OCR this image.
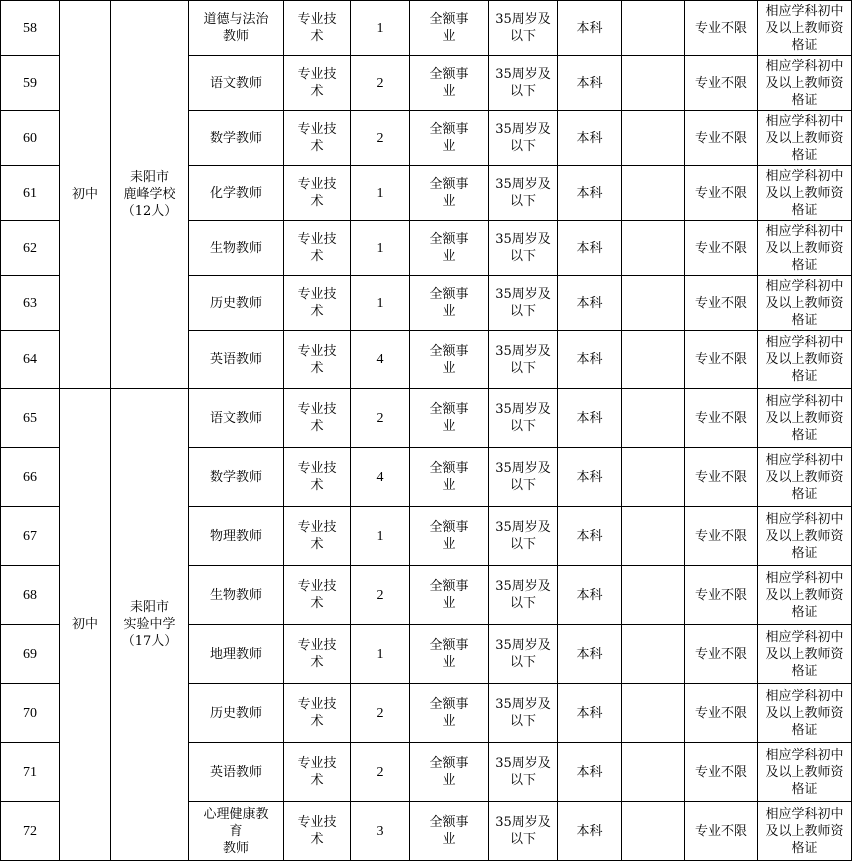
58	初中	耒阳市
鹿峰学校
（12人）	道德与法治
教师	专业技
术	1	全额事
业	35周岁及
以下	本科		专业不限	相应学科初中
及以上教师资
格证
59			语文教师	专业技
术	2	全额事
业	35周岁及
以下	本科		专业不限	相应学科初中
及以上教师资
格证
60			数学教师	专业技
术	2	全额事
业	35周岁及
以下	本科		专业不限	相应学科初中
及以上教师资
格证
61			化学教师	专业技
术	1	全额事
业	35周岁及
以下	本科		专业不限	相应学科初中
及以上教师资
格证
62			生物教师	专业技
术	1	全额事
业	35周岁及
以下	本科		专业不限	相应学科初中
及以上教师资
格证
63			历史教师	专业技
术	1	全额事
业	35周岁及
以下	本科		专业不限	相应学科初中
及以上教师资
格证
64			英语教师	专业技
术	4	全额事
业	35周岁及
以下	本科		专业不限	相应学科初中
及以上教师资
格证
65	初中	耒阳市
实验中学
（17人）	语文教师	专业技
术	2	全额事
业	35周岁及
以下	本科		专业不限	相应学科初中
及以上教师资
格证
66			数学教师	专业技
术	4	全额事
业	35周岁及
以下	本科		专业不限	相应学科初中
及以上教师资
格证
67			物理教师	专业技
术	1	全额事
业	35周岁及
以下	本科		专业不限	相应学科初中
及以上教师资
格证
68			生物教师	专业技
术	2	全额事
业	35周岁及
以下	本科		专业不限	相应学科初中
及以上教师资
格证
69			地理教师	专业技
术	1	全额事
业	35周岁及
以下	本科		专业不限	相应学科初中
及以上教师资
格证
70			历史教师	专业技
术	2	全额事
业	35周岁及
以下	本科		专业不限	相应学科初中
及以上教师资
格证
71			英语教师	专业技
术	2	全额事
业	35周岁及
以下	本科		专业不限	相应学科初中
及以上教师资
格证
72			心理健康教
育
教师	专业技
术	3	全额事
业	35周岁及
以下	本科		专业不限	相应学科初中
及以上教师资
格证
